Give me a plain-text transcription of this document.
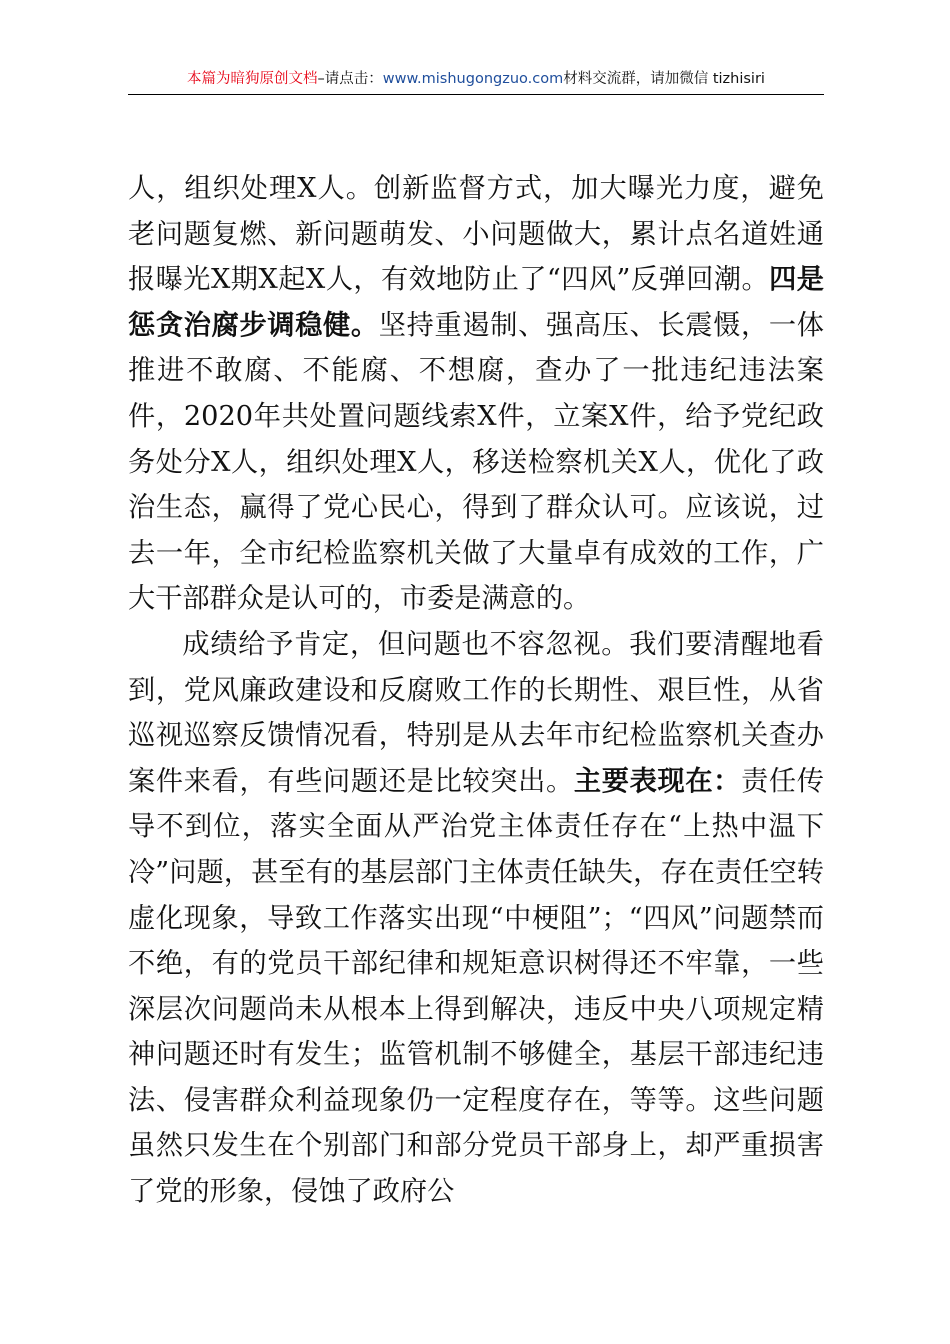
本篇为暗狗原创文档–请点击：www.mishugongzuo.com材料交流群，请加微信 tizhisiri

人，组织处理X人。创新监督方式，加大曝光力度，避免老问题复燃、新问题萌发、小问题做大，累计点名道姓通报曝光X期X起X人，有效地防止了“四风”反弹回潮。四是惩贪治腐步调稳健。坚持重遏制、强高压、长震慑，一体推进不敢腐、不能腐、不想腐，查办了一批违纪违法案件，2020年共处置问题线索X件，立案X件，给予党纪政务处分X人，组织处理X人，移送检察机关X人，优化了政治生态，赢得了党心民心，得到了群众认可。应该说，过去一年，全市纪检监察机关做了大量卓有成效的工作，广大干部群众是认可的，市委是满意的。

成绩给予肯定，但问题也不容忽视。我们要清醒地看到，党风廉政建设和反腐败工作的长期性、艰巨性，从省巡视巡察反馈情况看，特别是从去年市纪检监察机关查办案件来看，有些问题还是比较突出。主要表现在：责任传导不到位，落实全面从严治党主体责任存在“上热中温下冷”问题，甚至有的基层部门主体责任缺失，存在责任空转虚化现象，导致工作落实出现“中梗阻”；“四风”问题禁而不绝，有的党员干部纪律和规矩意识树得还不牢靠，一些深层次问题尚未从根本上得到解决，违反中央八项规定精神问题还时有发生；监管机制不够健全，基层干部违纪违法、侵害群众利益现象仍一定程度存在，等等。这些问题虽然只发生在个别部门和部分党员干部身上，却严重损害了党的形象，侵蚀了政府公
